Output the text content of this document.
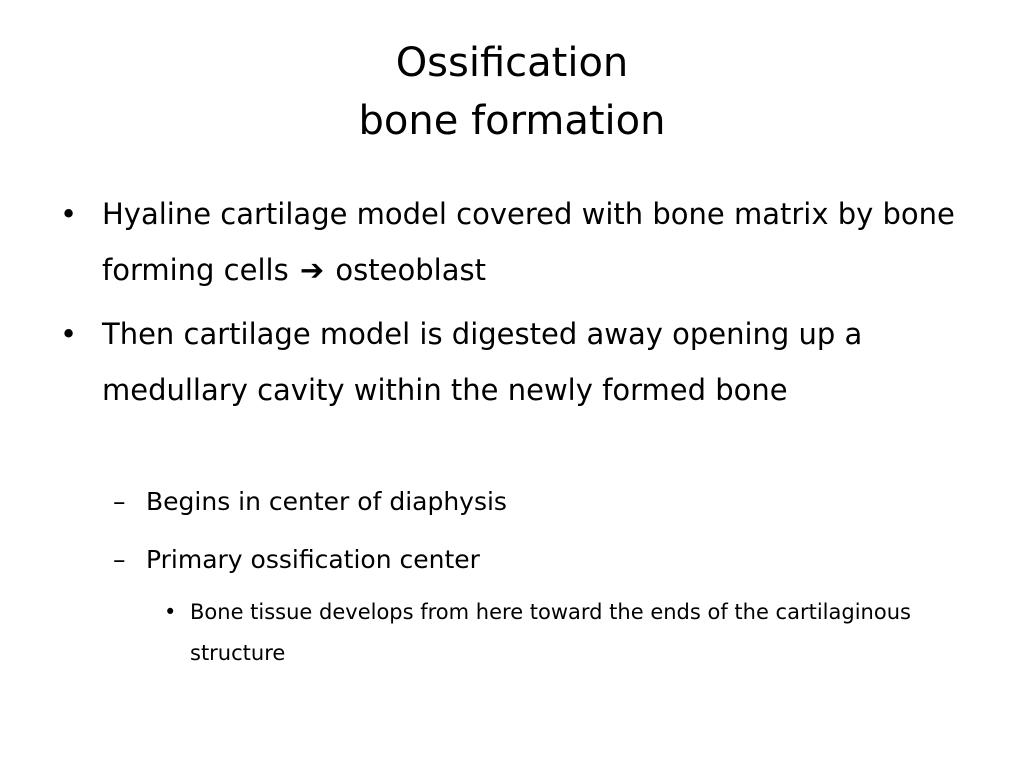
Ossification
bone formation
• Hyaline cartilage model covered with bone matrix by bone forming cells ➔ osteoblast
• Then cartilage model is digested away opening up a medullary cavity within the newly formed bone
– Begins in center of diaphysis
– Primary ossification center
• Bone tissue develops from here toward the ends of the cartilaginous structure
